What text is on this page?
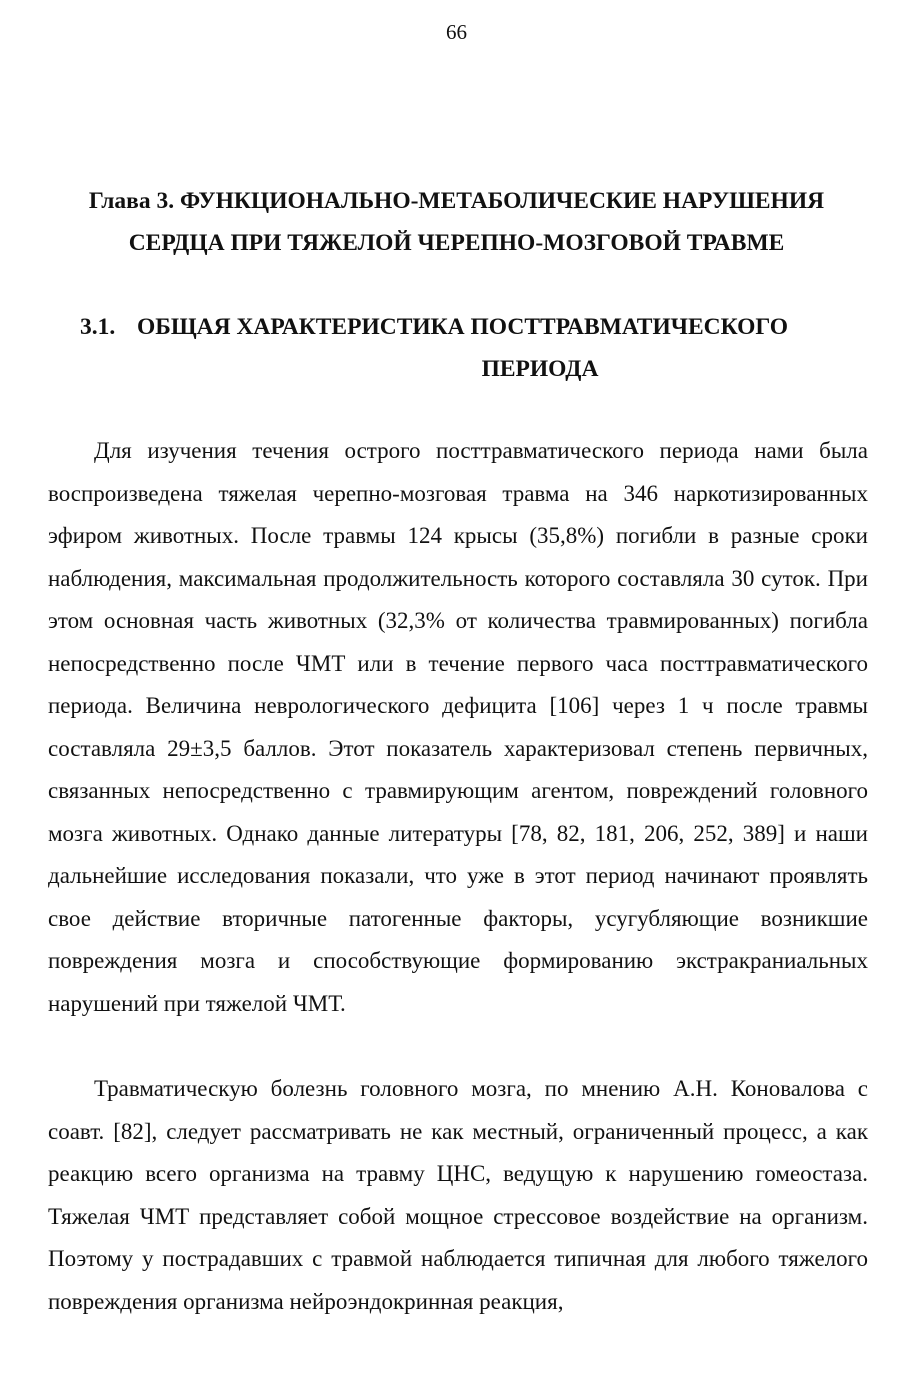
66
Глава 3. ФУНКЦИОНАЛЬНО-МЕТАБОЛИЧЕСКИЕ НАРУШЕНИЯ СЕРДЦА ПРИ ТЯЖЕЛОЙ ЧЕРЕПНО-МОЗГОВОЙ ТРАВМЕ
3.1. ОБЩАЯ ХАРАКТЕРИСТИКА ПОСТТРАВМАТИЧЕСКОГО
ПЕРИОДА

Для изучения течения острого посттравматического периода нами была воспроизведена тяжелая черепно-мозговая травма на 346 наркотизированных эфиром животных. После травмы 124 крысы (35,8%) погибли в разные сроки наблюдения, максимальная продолжительность которого составляла 30 суток. При этом основная часть животных (32,3% от количества травмированных) погибла непосредственно после ЧМТ или в течение первого часа посттравматического периода. Величина неврологического дефицита [106] через 1 ч после травмы составляла 29±3,5 баллов. Этот показатель характеризовал степень первичных, связанных непосредственно с травмирующим агентом, повреждений головного мозга животных. Однако данные литературы [78, 82, 181, 206, 252, 389] и наши дальнейшие исследования показали, что уже в этот период начинают проявлять свое действие вторичные патогенные факторы, усугубляющие возникшие повреждения мозга и способствующие формированию экстракраниальных нарушений при тяжелой ЧМТ.

Травматическую болезнь головного мозга, по мнению А.Н. Коновалова с соавт. [82], следует рассматривать не как местный, ограниченный процесс, а как реакцию всего организма на травму ЦНС, ведущую к нарушению гомеостаза. Тяжелая ЧМТ представляет собой мощное стрессовое воздействие на организм. Поэтому у пострадавших с травмой наблюдается типичная для любого тяжелого повреждения организма нейроэндокринная реакция,
